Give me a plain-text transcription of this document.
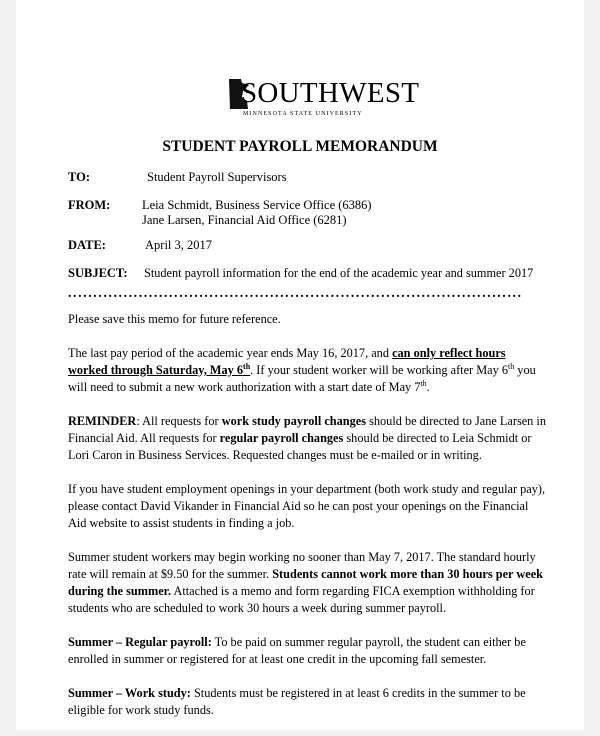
SOUTHWEST
MINNESOTA STATE UNIVERSITY
STUDENT PAYROLL MEMORANDUM
TO:	Student Payroll Supervisors
FROM:	Leia Schmidt, Business Service Office (6386)
Jane Larsen, Financial Aid Office (6281)
DATE:	April 3, 2017
SUBJECT: Student payroll information for the end of the academic year and summer 2017
..........................................................................................

Please save this memo for future reference.

The last pay period of the academic year ends May 16, 2017, and can only reflect hours worked through Saturday, May 6th. If your student worker will be working after May 6th you will need to submit a new work authorization with a start date of May 7th.

REMINDER: All requests for work study payroll changes should be directed to Jane Larsen in Financial Aid. All requests for regular payroll changes should be directed to Leia Schmidt or Lori Caron in Business Services. Requested changes must be e-mailed or in writing.

If you have student employment openings in your department (both work study and regular pay), please contact David Vikander in Financial Aid so he can post your openings on the Financial Aid website to assist students in finding a job.

Summer student workers may begin working no sooner than May 7, 2017. The standard hourly rate will remain at $9.50 for the summer. Students cannot work more than 30 hours per week during the summer. Attached is a memo and form regarding FICA exemption withholding for students who are scheduled to work 30 hours a week during summer payroll.

Summer – Regular payroll: To be paid on summer regular payroll, the student can either be enrolled in summer or registered for at least one credit in the upcoming fall semester.

Summer – Work study: Students must be registered in at least 6 credits in the summer to be eligible for work study funds.
